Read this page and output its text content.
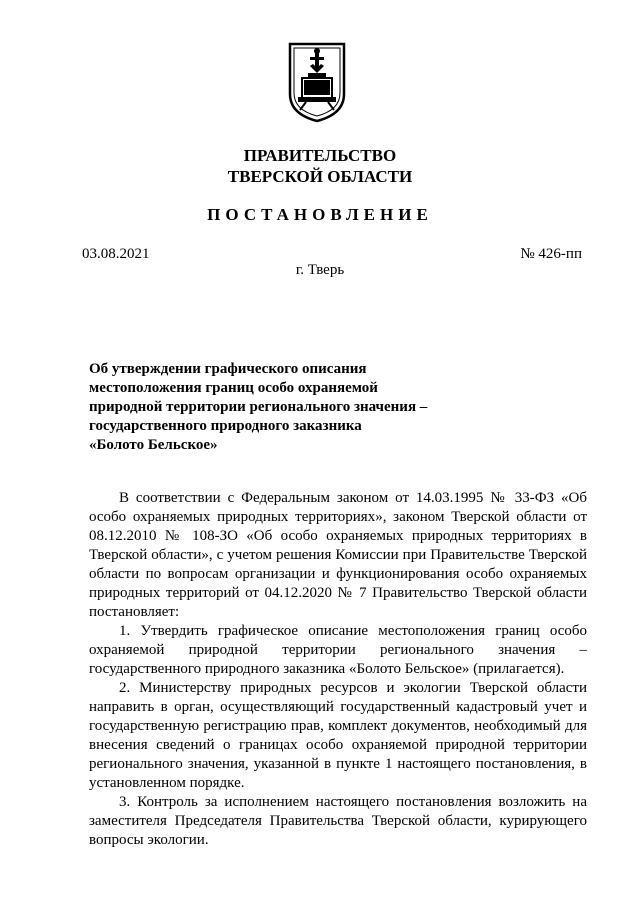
ПРАВИТЕЛЬСТВО
ТВЕРСКОЙ ОБЛАСТИ
ПОСТАНОВЛЕНИЕ
03.08.2021	№ 426-пп
г. Тверь
Об утверждении графического описания
местоположения границ особо охраняемой
природной территории регионального значения –
государственного природного заказника
«Болото Бельское»

В соответствии с Федеральным законом от 14.03.1995 № 33-ФЗ «Об особо охраняемых природных территориях», законом Тверской области от 08.12.2010 № 108-ЗО «Об особо охраняемых природных территориях в Тверской области», с учетом решения Комиссии при Правительстве Тверской области по вопросам организации и функционирования особо охраняемых природных территорий от 04.12.2020 № 7 Правительство Тверской области постановляет:

1. Утвердить графическое описание местоположения границ особо охраняемой природной территории регионального значения – государственного природного заказника «Болото Бельское» (прилагается).

2. Министерству природных ресурсов и экологии Тверской области направить в орган, осуществляющий государственный кадастровый учет и государственную регистрацию прав, комплект документов, необходимый для внесения сведений о границах особо охраняемой природной территории регионального значения, указанной в пункте 1 настоящего постановления, в установленном порядке.

3. Контроль за исполнением настоящего постановления возложить на заместителя Председателя Правительства Тверской области, курирующего вопросы экологии.
